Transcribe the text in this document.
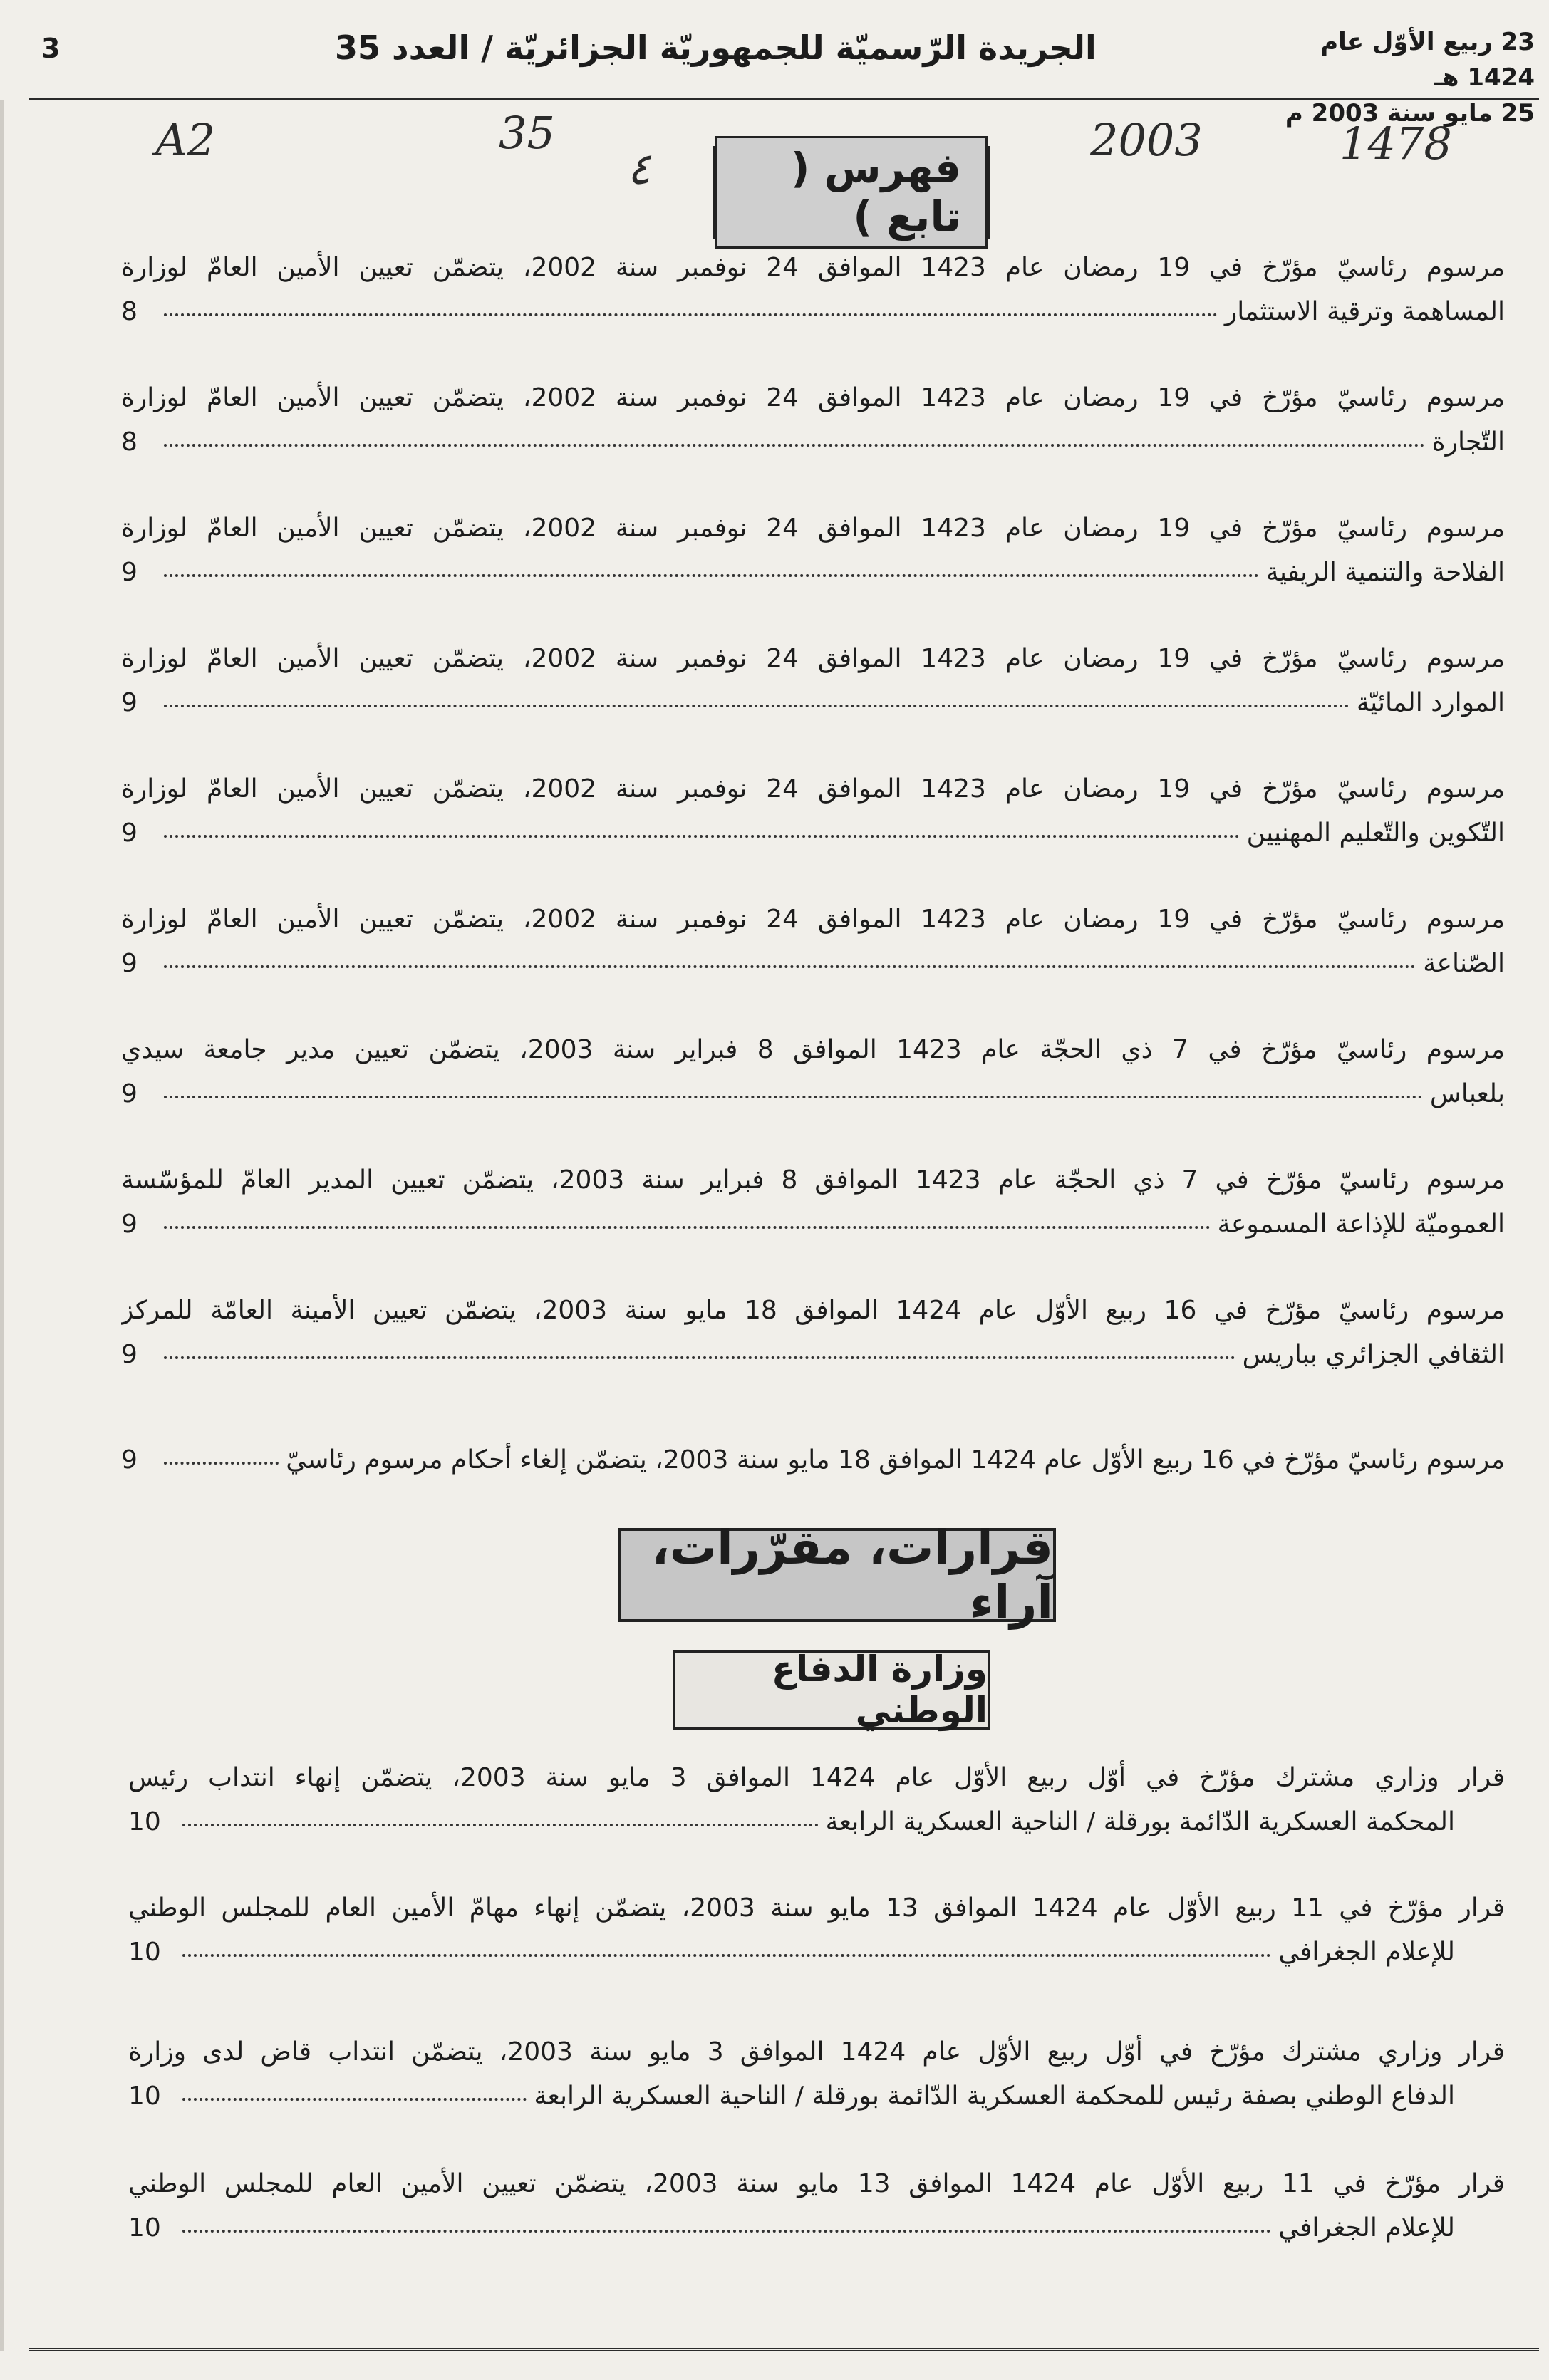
3	الجريدة الرّسميّة للجمهوريّة الجزائريّة / العدد 35	23 ربيع الأوّل عام 1424 هـ
25 مايو سنة 2003 م
A2	35
٤
2003	1478
فهرس ( تابع )
مرسوم رئاسيّ مؤرّخ في 19 رمضان عام 1423 الموافق 24 نوفمبر سنة 2002، يتضمّن تعيين الأمين العامّ لوزارة
8	المساهمة وترقية الاستثمار
مرسوم رئاسيّ مؤرّخ في 19 رمضان عام 1423 الموافق 24 نوفمبر سنة 2002، يتضمّن تعيين الأمين العامّ لوزارة
8	التّجارة
مرسوم رئاسيّ مؤرّخ في 19 رمضان عام 1423 الموافق 24 نوفمبر سنة 2002، يتضمّن تعيين الأمين العامّ لوزارة
9	الفلاحة والتنمية الريفية
مرسوم رئاسيّ مؤرّخ في 19 رمضان عام 1423 الموافق 24 نوفمبر سنة 2002، يتضمّن تعيين الأمين العامّ لوزارة
9	الموارد المائيّة
مرسوم رئاسيّ مؤرّخ في 19 رمضان عام 1423 الموافق 24 نوفمبر سنة 2002، يتضمّن تعيين الأمين العامّ لوزارة
9	التّكوين والتّعليم المهنيين
مرسوم رئاسيّ مؤرّخ في 19 رمضان عام 1423 الموافق 24 نوفمبر سنة 2002، يتضمّن تعيين الأمين العامّ لوزارة
9	الصّناعة
مرسوم رئاسيّ مؤرّخ في 7 ذي الحجّة عام 1423 الموافق 8 فبراير سنة 2003، يتضمّن تعيين مدير جامعة سيدي
9	بلعباس
مرسوم رئاسيّ مؤرّخ في 7 ذي الحجّة عام 1423 الموافق 8 فبراير سنة 2003، يتضمّن تعيين المدير العامّ للمؤسّسة
9	العموميّة للإذاعة المسموعة
مرسوم رئاسيّ مؤرّخ في 16 ربيع الأوّل عام 1424 الموافق 18 مايو سنة 2003، يتضمّن تعيين الأمينة العامّة للمركز
9	الثقافي الجزائري بباريس
9	مرسوم رئاسيّ مؤرّخ في 16 ربيع الأوّل عام 1424 الموافق 18 مايو سنة 2003، يتضمّن إلغاء أحكام مرسوم رئاسيّ
قرارات، مقرّرات، آراء
وزارة الدفاع الوطني
قرار وزاري مشترك مؤرّخ في أوّل ربيع الأوّل عام 1424 الموافق 3 مايو سنة 2003، يتضمّن إنهاء انتداب رئيس
10	المحكمة العسكرية الدّائمة بورقلة / الناحية العسكرية الرابعة
قرار مؤرّخ في 11 ربيع الأوّل عام 1424 الموافق 13 مايو سنة 2003، يتضمّن إنهاء مهامّ الأمين العام للمجلس الوطني
10	للإعلام الجغرافي
قرار وزاري مشترك مؤرّخ في أوّل ربيع الأوّل عام 1424 الموافق 3 مايو سنة 2003، يتضمّن انتداب قاض لدى وزارة
10	الدفاع الوطني بصفة رئيس للمحكمة العسكرية الدّائمة بورقلة / الناحية العسكرية الرابعة
قرار مؤرّخ في 11 ربيع الأوّل عام 1424 الموافق 13 مايو سنة 2003، يتضمّن تعيين الأمين العام للمجلس الوطني
10	للإعلام الجغرافي
